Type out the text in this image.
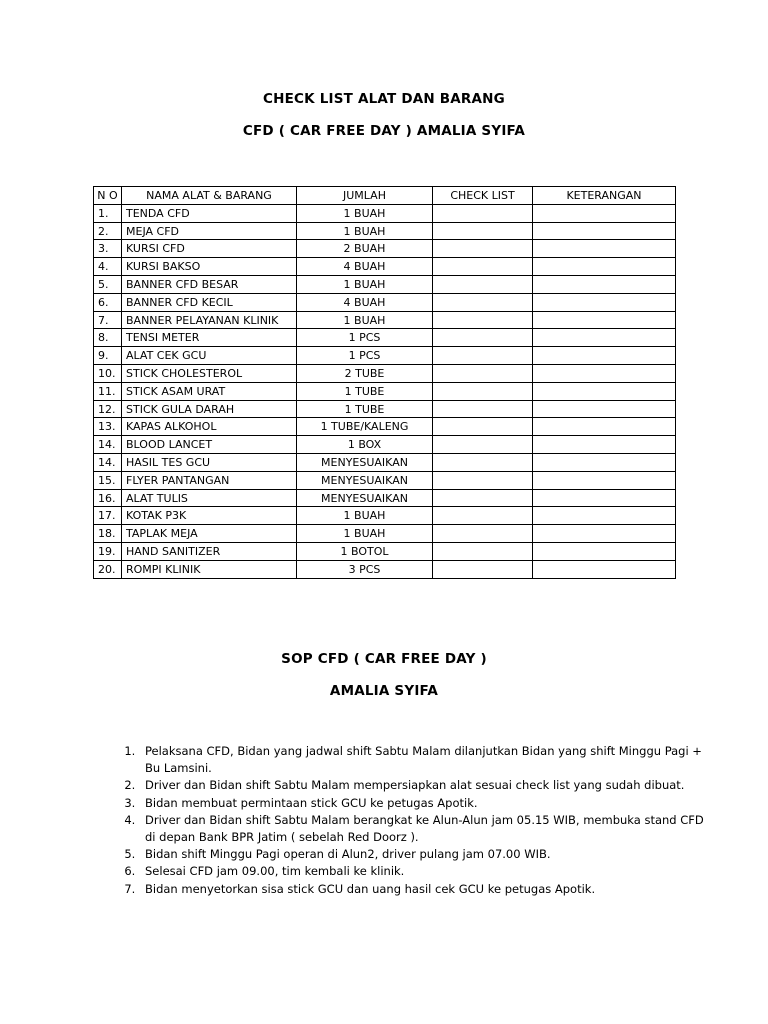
CHECK LIST ALAT DAN BARANG
CFD ( CAR FREE DAY ) AMALIA SYIFA
N O	NAMA ALAT & BARANG	JUMLAH	CHECK LIST	KETERANGAN
1.	TENDA CFD	1 BUAH		
2.	MEJA CFD	1 BUAH		
3.	KURSI CFD	2 BUAH		
4.	KURSI BAKSO	4 BUAH		
5.	BANNER CFD BESAR	1 BUAH		
6.	BANNER CFD KECIL	4 BUAH		
7.	BANNER PELAYANAN KLINIK	1 BUAH		
8.	TENSI METER	1 PCS		
9.	ALAT CEK GCU	1 PCS		
10.	STICK CHOLESTEROL	2 TUBE		
11.	STICK ASAM URAT	1 TUBE		
12.	STICK GULA DARAH	1 TUBE		
13.	KAPAS ALKOHOL	1 TUBE/KALENG		
14.	BLOOD LANCET	1 BOX		
14.	HASIL TES GCU	MENYESUAIKAN		
15.	FLYER PANTANGAN	MENYESUAIKAN		
16.	ALAT TULIS	MENYESUAIKAN		
17.	KOTAK P3K	1 BUAH		
18.	TAPLAK MEJA	1 BUAH		
19.	HAND SANITIZER	1 BOTOL		
20.	ROMPI KLINIK	3 PCS		
SOP CFD ( CAR FREE DAY )
AMALIA SYIFA
1. Pelaksana CFD, Bidan yang jadwal shift Sabtu Malam dilanjutkan Bidan yang shift Minggu Pagi + Bu Lamsini.
2. Driver dan Bidan shift Sabtu Malam mempersiapkan alat sesuai check list yang sudah dibuat.
3. Bidan membuat permintaan stick GCU ke petugas Apotik.
4. Driver dan Bidan shift Sabtu Malam berangkat ke Alun-Alun jam 05.15 WIB, membuka stand CFD di depan Bank BPR Jatim ( sebelah Red Doorz ).
5. Bidan shift Minggu Pagi operan di Alun2, driver pulang jam 07.00 WIB.
6. Selesai CFD jam 09.00, tim kembali ke klinik.
7. Bidan menyetorkan sisa stick GCU dan uang hasil cek GCU ke petugas Apotik.
